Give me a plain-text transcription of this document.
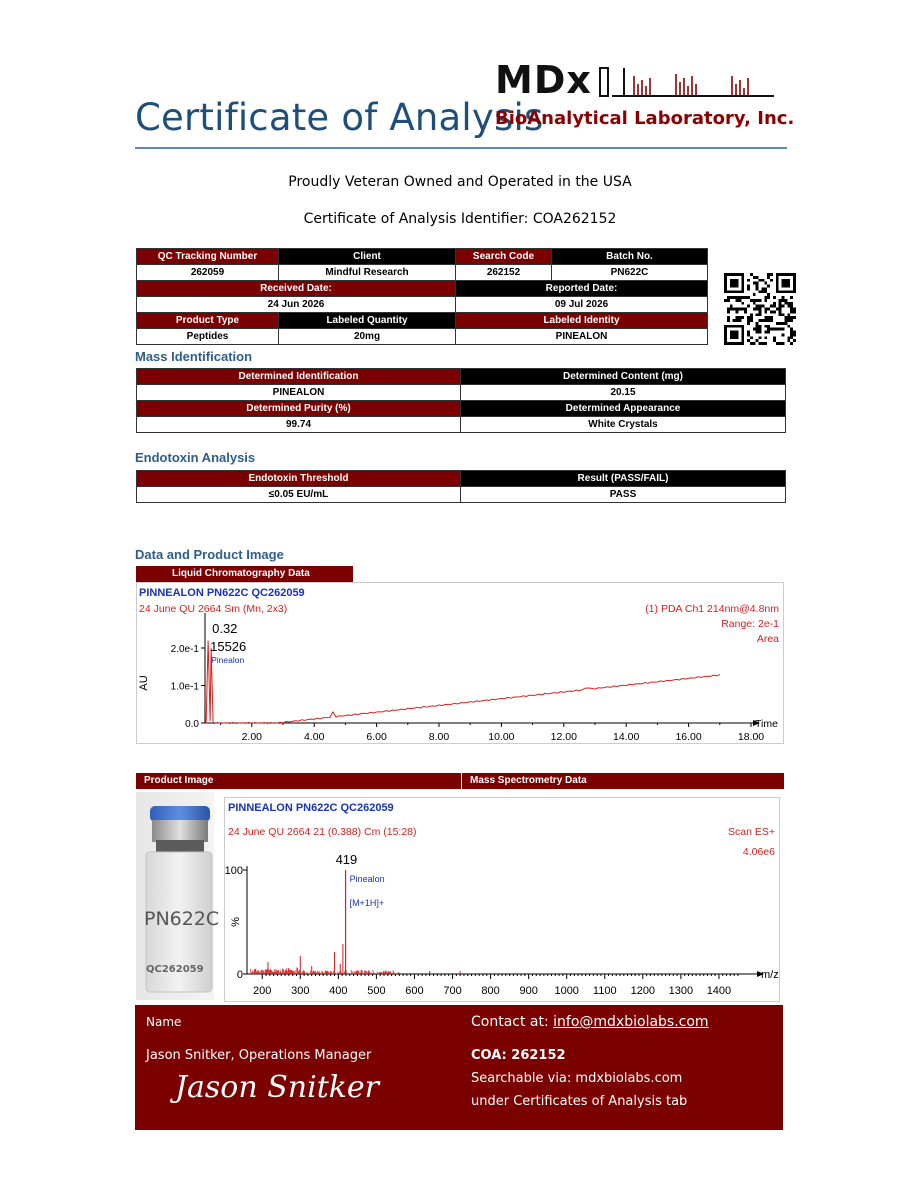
Certificate of Analysis
MDx
BioAnalytical Laboratory, Inc.
Proudly Veteran Owned and Operated in the USA
Certificate of Analysis Identifier: COA262152
QC Tracking Number	Client	Search Code	Batch No.
262059	Mindful Research	262152	PN622C
Received Date:		Reported Date:	
24 Jun 2026		09 Jul 2026	
Product Type	Labeled Quantity	Labeled Identity	
Peptides	20mg	PINEALON	
Mass Identification
Determined Identification	Determined Content (mg)
PINEALON	20.15
Determined Purity (%)	Determined Appearance
99.74	White Crystals
Endotoxin Analysis
Endotoxin Threshold	Result (PASS/FAIL)
≤0.05 EU/mL	PASS
Data and Product Image
Liquid Chromatography Data
PINNEALON PN622C QC262059
24 June QU 2664 Sm (Mn, 2x3)	(1) PDA Ch1 214nm@4.8nm
Range: 2e-1
Area
2.0e-1
1.0e-1
0.0
2.00	4.00	6.00	8.00	10.00	12.00	14.00	16.00	18.00
Time
AU
0.32
15526
Pinealon
Product Image	Mass Spectrometry Data
PN622C
QC262059
PINNEALON PN622C QC262059
24 June QU 2664 21 (0.388) Cm (15:28)	Scan ES+
4.06e6
100
0
%
200 300 400 500 600 700 800 900 1000 1100 1200 1300 1400
m/z
419
Pinealon
[M+1H]+
Name	Contact at: info@mdxbiolabs.com
Jason Snitker, Operations Manager
Jason Snitker
COA: 262152
Searchable via: mdxbiolabs.com
under Certificates of Analysis tab
